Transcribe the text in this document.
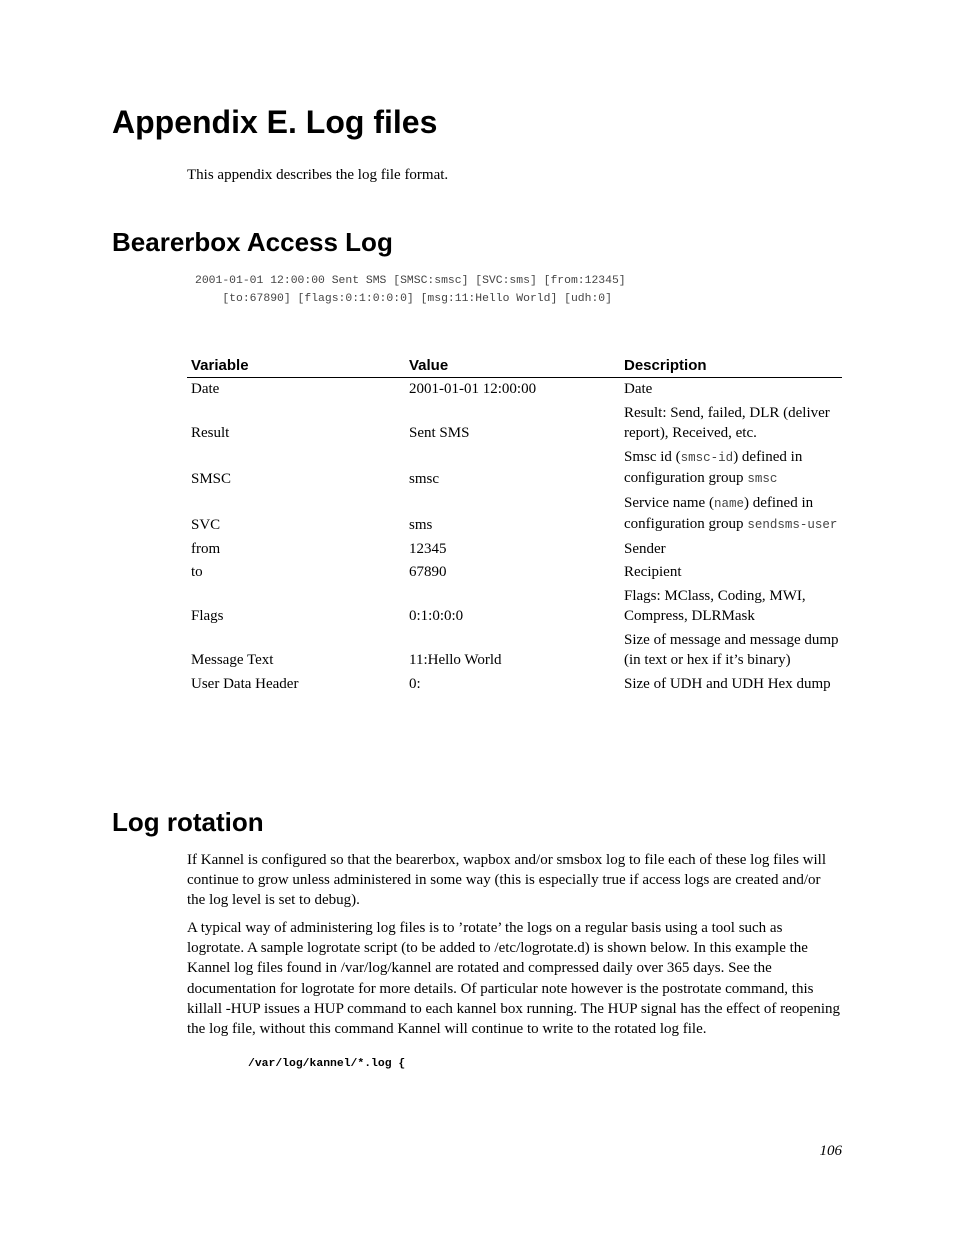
Appendix E. Log files

This appendix describes the log file format.

Bearerbox Access Log
2001-01-01 12:00:00 Sent SMS [SMSC:smsc] [SVC:sms] [from:12345]
[to:67890] [flags:0:1:0:0:0] [msg:11:Hello World] [udh:0]
Variable	Value	Description
Date	2001-01-01 12:00:00	Date
Result	Sent SMS	Result: Send, failed, DLR (deliver report), Received, etc.
SMSC	smsc	Smsc id (smsc-id) defined in configuration group smsc
SVC	sms	Service name (name) defined in configuration group sendsms-user
from	12345	Sender
to	67890	Recipient
Flags	0:1:0:0:0	Flags: MClass, Coding, MWI, Compress, DLRMask
Message Text	11:Hello World	Size of message and message dump (in text or hex if it’s binary)
User Data Header	0:	Size of UDH and UDH Hex dump
Log rotation

If Kannel is configured so that the bearerbox, wapbox and/or smsbox log to file each of these log files will continue to grow unless administered in some way (this is especially true if access logs are created and/or the log level is set to debug).

A typical way of administering log files is to ’rotate’ the logs on a regular basis using a tool such as logrotate. A sample logrotate script (to be added to /etc/logrotate.d) is shown below. In this example the Kannel log files found in /var/log/kannel are rotated and compressed daily over 365 days. See the documentation for logrotate for more details. Of particular note however is the postrotate command, this killall -HUP issues a HUP command to each kannel box running. The HUP signal has the effect of reopening the log file, without this command Kannel will continue to write to the rotated log file.

/var/log/kannel/*.log {

106
